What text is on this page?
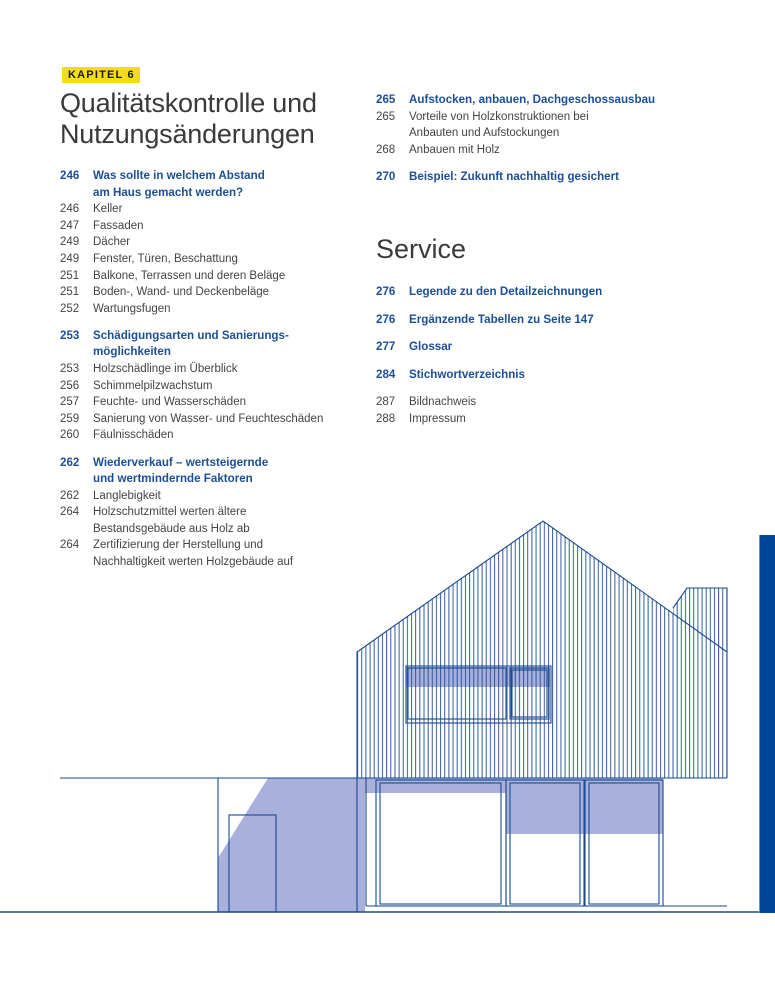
KAPITEL 6
Qualitätskontrolle und
Nutzungsänderungen
246	Was sollte in welchem Abstand
am Haus gemacht werden?
246	Keller
247	Fassaden
249	Dächer
249	Fenster, Türen, Beschattung
251	Balkone, Terrassen und deren Beläge
251	Boden-, Wand- und Deckenbeläge
252	Wartungsfugen
253	Schädigungsarten und Sanierungs-
möglichkeiten
253	Holzschädlinge im Überblick
256	Schimmelpilzwachstum
257	Feuchte- und Wasserschäden
259	Sanierung von Wasser- und Feuchteschäden
260	Fäulnisschäden
262	Wiederverkauf – wertsteigernde
und wertmindernde Faktoren
262	Langlebigkeit
264	Holzschutzmittel werten ältere
Bestandsgebäude aus Holz ab
264	Zertifizierung der Herstellung und
Nachhaltigkeit werten Holzgebäude auf
265	Aufstocken, anbauen, Dachgeschossausbau
265	Vorteile von Holzkonstruktionen bei
Anbauten und Aufstockungen
268	Anbauen mit Holz
270	Beispiel: Zukunft nachhaltig gesichert
Service
276	Legende zu den Detailzeichnungen
276	Ergänzende Tabellen zu Seite 147
277	Glossar
284	Stichwortverzeichnis
287	Bildnachweis
288	Impressum
